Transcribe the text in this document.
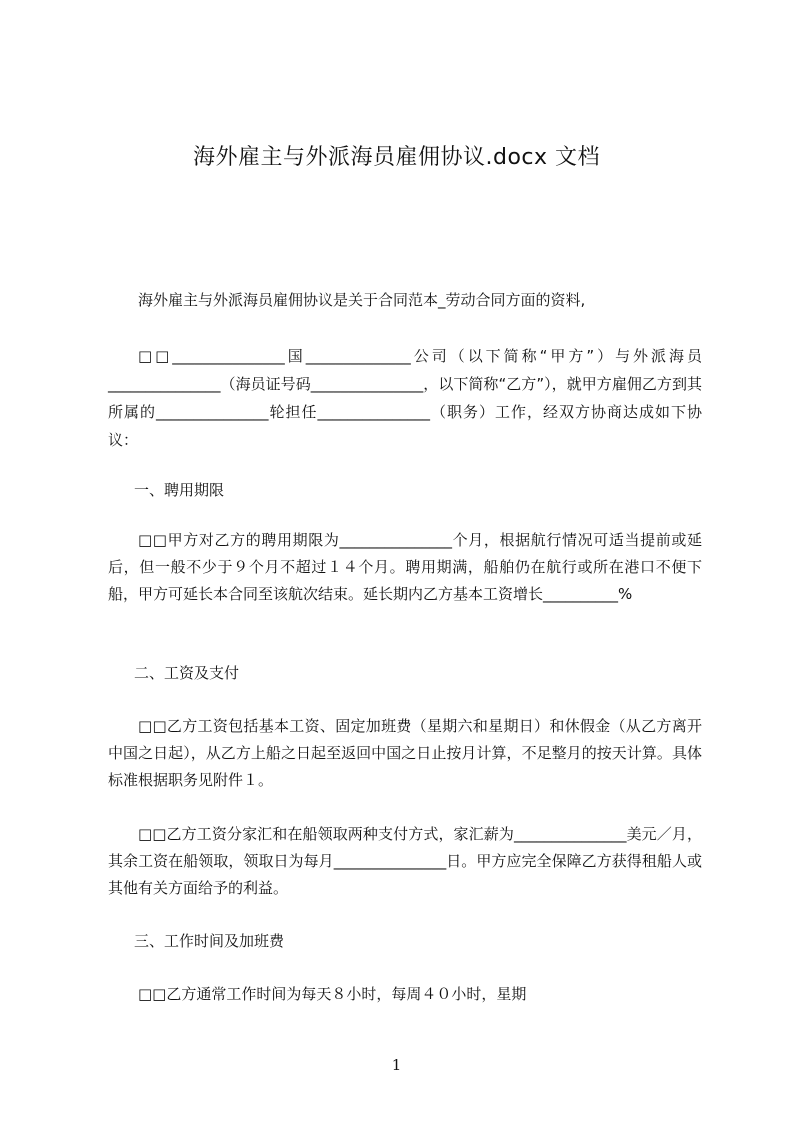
海外雇主与外派海员雇佣协议.docx 文档

海外雇主与外派海员雇佣协议是关于合同范本_劳动合同方面的资料,

□□_______________国______________公司（以下简称“甲方”）与外派海员_______________（海员证号码_______________，以下简称“乙方”），就甲方雇佣乙方到其所属的_______________轮担任_______________（职务）工作，经双方协商达成如下协议：

一、聘用期限

□□甲方对乙方的聘用期限为_______________个月，根据航行情况可适当提前或延后，但一般不少于９个月不超过１４个月。聘用期满，船舶仍在航行或所在港口不便下船，甲方可延长本合同至该航次结束。延长期内乙方基本工资增长__________%

二、工资及支付

□□乙方工资包括基本工资、固定加班费（星期六和星期日）和休假金（从乙方离开中国之日起），从乙方上船之日起至返回中国之日止按月计算，不足整月的按天计算。具体标准根据职务见附件１。

□□乙方工资分家汇和在船领取两种支付方式，家汇薪为_______________美元／月，其余工资在船领取，领取日为每月_______________日。甲方应完全保障乙方获得租船人或其他有关方面给予的利益。

三、工作时间及加班费

□□乙方通常工作时间为每天８小时，每周４０小时，星期

1
